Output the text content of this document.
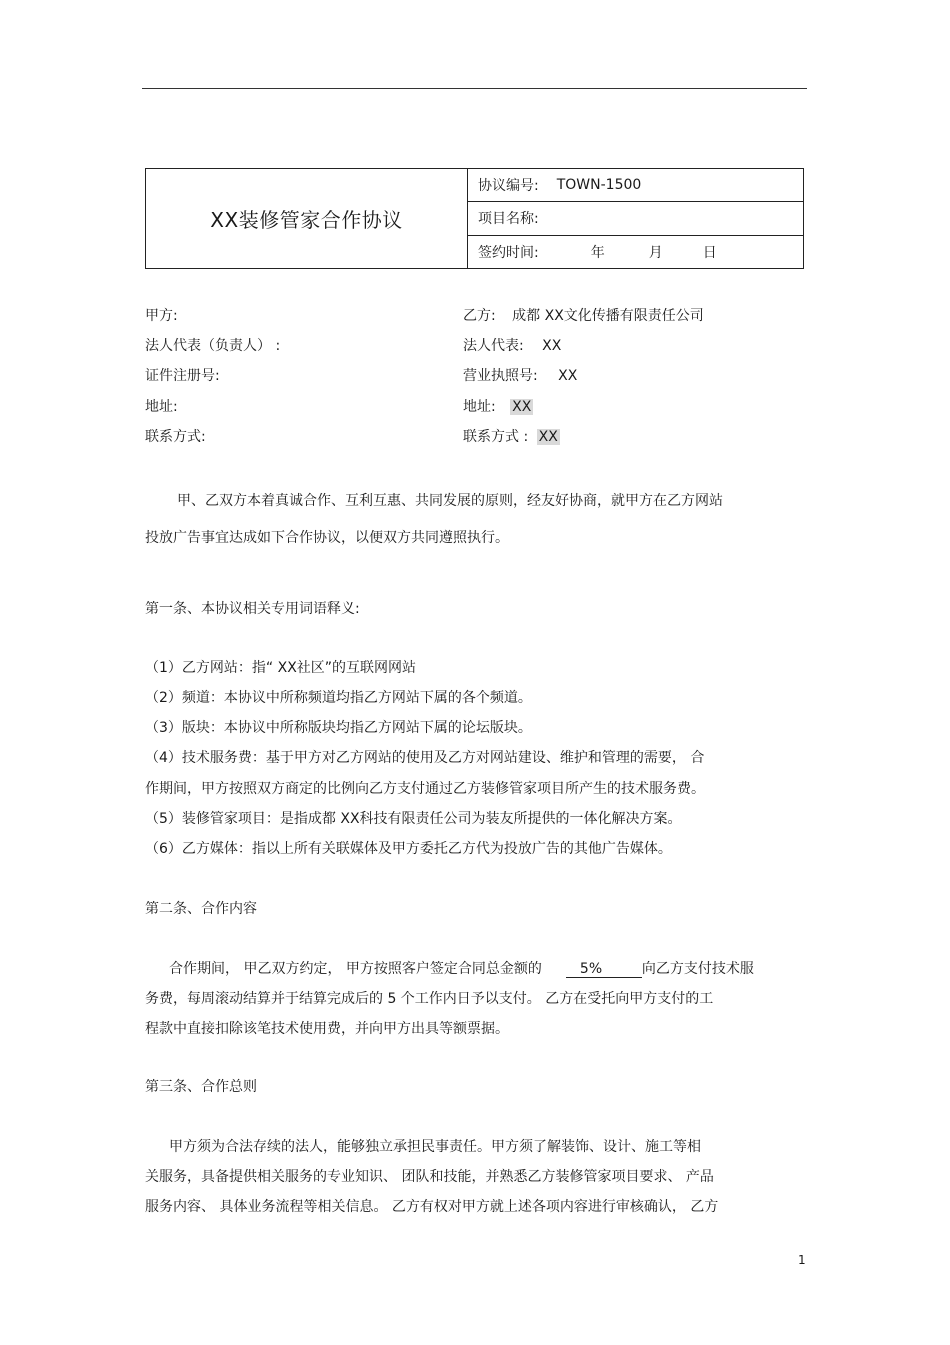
XX装修管家合作协议
协议编号: TOWN-1500
项目名称:
签约时间:	年	月	日
甲方:
法人代表（负责人） :
证件注册号:
地址:
联系方式:
乙方: 成都 XX文化传播有限责任公司
法人代表: XX
营业执照号: XX
地址: XX
联系方式 : XX
甲、乙双方本着真诚合作、互利互惠、共同发展的原则，经友好协商，就甲方在乙方网站
投放广告事宜达成如下合作协议，以便双方共同遵照执行。
第一条、本协议相关专用词语释义:
（1）乙方网站：指“ XX社区”的互联网网站
（2）频道：本协议中所称频道均指乙方网站下属的各个频道。
（3）版块：本协议中所称版块均指乙方网站下属的论坛版块。
（4）技术服务费：基于甲方对乙方网站的使用及乙方对网站建设、维护和管理的需要， 合
作期间，甲方按照双方商定的比例向乙方支付通过乙方装修管家项目所产生的技术服务费。
（5）装修管家项目：是指成都 XX科技有限责任公司为装友所提供的一体化解决方案。
（6）乙方媒体：指以上所有关联媒体及甲方委托乙方代为投放广告的其他广告媒体。
第二条、合作内容
合作期间， 甲乙双方约定， 甲方按照客户签定合同总金额的	5%	向乙方支付技术服
务费，每周滚动结算并于结算完成后的 5 个工作内日予以支付。 乙方在受托向甲方支付的工
程款中直接扣除该笔技术使用费，并向甲方出具等额票据。
第三条、合作总则
甲方须为合法存续的法人，能够独立承担民事责任。甲方须了解装饰、设计、施工等相
关服务，具备提供相关服务的专业知识、 团队和技能，并熟悉乙方装修管家项目要求、 产品
服务内容、 具体业务流程等相关信息。 乙方有权对甲方就上述各项内容进行审核确认， 乙方
1
